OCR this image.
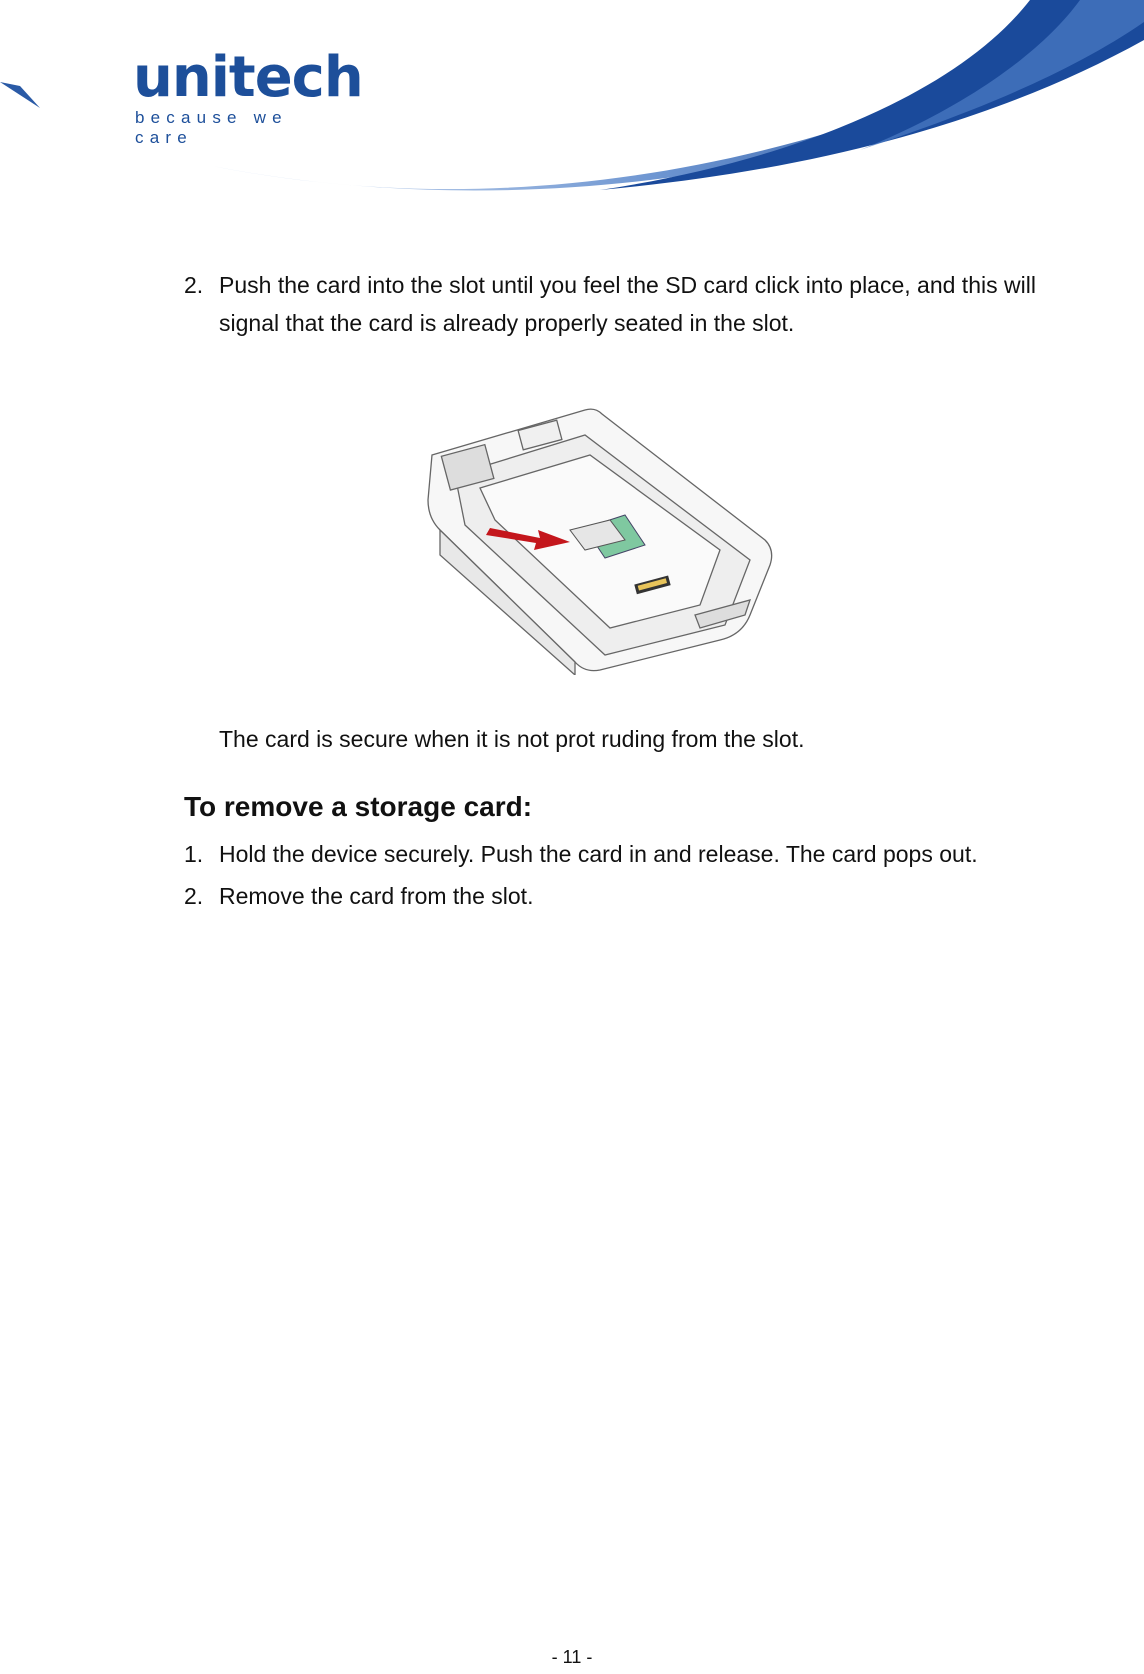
unitech
because we care
2. Push the card into the slot until you feel the SD card click into place, and this will signal that the card is already properly seated in the slot.
The card is secure when it is not prot ruding from the slot.
To remove a storage card:
1. Hold the device securely. Push the card in and release. The card pops out.
2. Remove the card from the slot.
- 11 -
